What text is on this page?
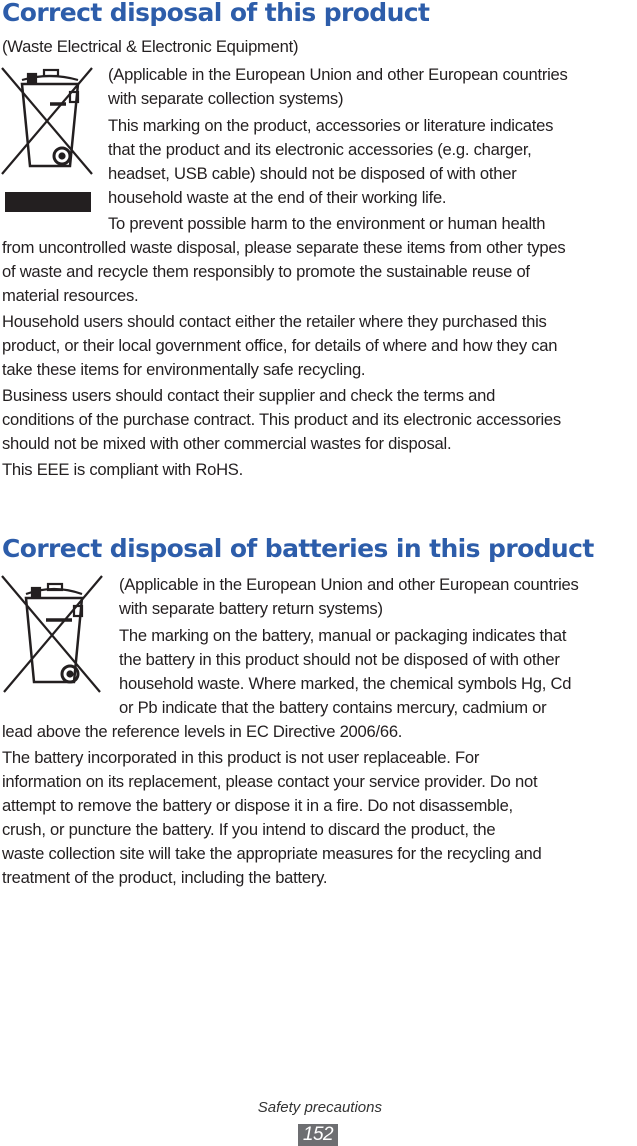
Correct disposal of this product

(Waste Electrical & Electronic Equipment)

(Applicable in the European Union and other European countries

with separate collection systems)

This marking on the product, accessories or literature indicates

that the product and its electronic accessories (e.g. charger,

headset, USB cable) should not be disposed of with other

household waste at the end of their working life.

To prevent possible harm to the environment or human health

from uncontrolled waste disposal, please separate these items from other types

of waste and recycle them responsibly to promote the sustainable reuse of

material resources.

Household users should contact either the retailer where they purchased this

product, or their local government office, for details of where and how they can

take these items for environmentally safe recycling.

Business users should contact their supplier and check the terms and

conditions of the purchase contract. This product and its electronic accessories

should not be mixed with other commercial wastes for disposal.

This EEE is compliant with RoHS.

Correct disposal of batteries in this product

(Applicable in the European Union and other European countries

with separate battery return systems)

The marking on the battery, manual or packaging indicates that

the battery in this product should not be disposed of with other

household waste. Where marked, the chemical symbols Hg, Cd

or Pb indicate that the battery contains mercury, cadmium or

lead above the reference levels in EC Directive 2006/66.

The battery incorporated in this product is not user replaceable. For

information on its replacement, please contact your service provider. Do not

attempt to remove the battery or dispose it in a fire. Do not disassemble,

crush, or puncture the battery. If you intend to discard the product, the

waste collection site will take the appropriate measures for the recycling and

treatment of the product, including the battery.

Safety precautions
152
